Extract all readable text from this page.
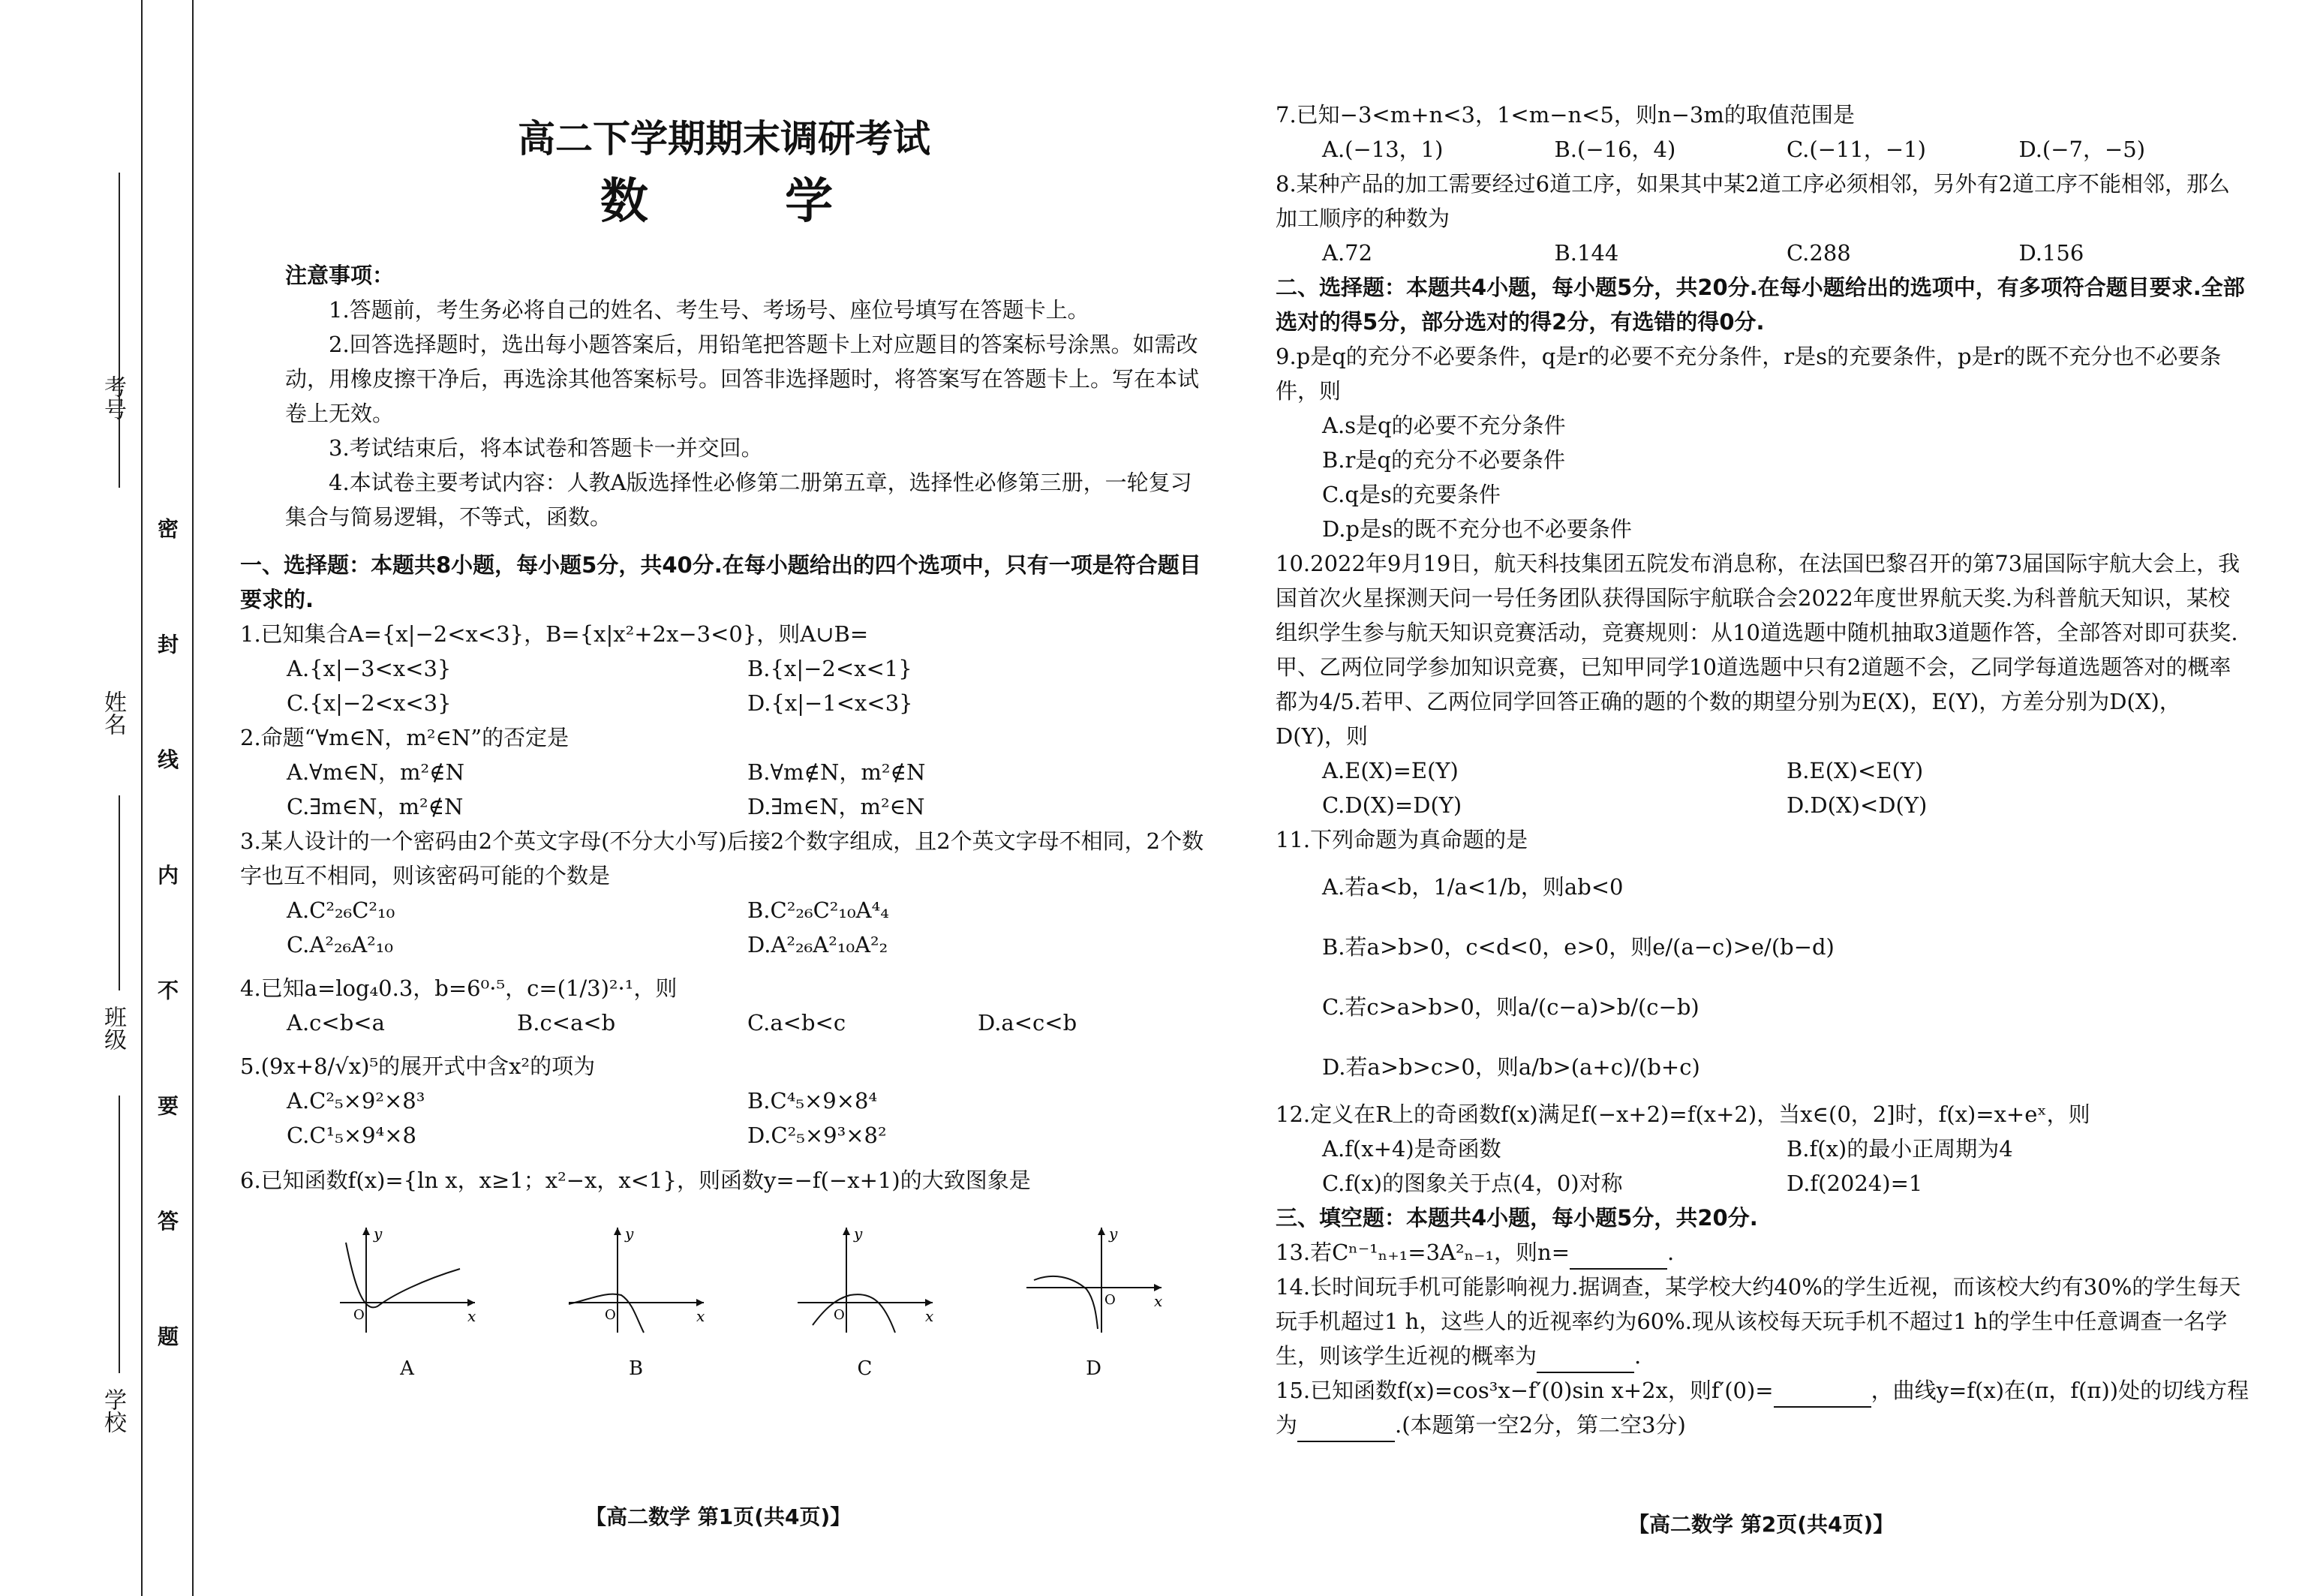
考号
姓名
班级
学校
密 封 线 内 不 要 答 题
高二下学期期末调研考试
数 学
注意事项：

1.答题前，考生务必将自己的姓名、考生号、考场号、座位号填写在答题卡上。

2.回答选择题时，选出每小题答案后，用铅笔把答题卡上对应题目的答案标号涂黑。如需改动，用橡皮擦干净后，再选涂其他答案标号。回答非选择题时，将答案写在答题卡上。写在本试卷上无效。

3.考试结束后，将本试卷和答题卡一并交回。

4.本试卷主要考试内容：人教A版选择性必修第二册第五章，选择性必修第三册，一轮复习集合与简易逻辑，不等式，函数。

一、选择题：本题共8小题，每小题5分，共40分.在每小题给出的四个选项中，只有一项是符合题目要求的.
1.已知集合A={x|−2<x<3}，B={x|x²+2x−3<0}，则A∪B=
A.{x|−3<x<3}	B.{x|−2<x<1}
C.{x|−2<x<3}	D.{x|−1<x<3}
2.命题“∀m∈N，m²∈N”的否定是
A.∀m∈N，m²∉N	B.∀m∉N，m²∉N
C.∃m∈N，m²∉N	D.∃m∈N，m²∈N
3.某人设计的一个密码由2个英文字母(不分大小写)后接2个数字组成，且2个英文字母不相同，2个数字也互不相同，则该密码可能的个数是
A.C²₂₆C²₁₀	B.C²₂₆C²₁₀A⁴₄
C.A²₂₆A²₁₀	D.A²₂₆A²₁₀A²₂
4.已知a=log₄0.3，b=6⁰·⁵，c=(1/3)²·¹，则
A.c<b<a	B.c<a<b	C.a<b<c	D.a<c<b
5.(9x+8/√x)⁵的展开式中含x²的项为
A.C²₅×9²×8³	B.C⁴₅×9×8⁴
C.C¹₅×9⁴×8	D.C²₅×9³×8²
6.已知函数f(x)={ln x，x≥1；x²−x，x<1}，则函数y=−f(−x+1)的大致图象是
y
x
O
A
y
x
O
B
y
x
O
C
y
x
O
D
【高二数学 第1页(共4页)】
7.已知−3<m+n<3，1<m−n<5，则n−3m的取值范围是
A.(−13，1)	B.(−16，4)	C.(−11，−1)	D.(−7，−5)
8.某种产品的加工需要经过6道工序，如果其中某2道工序必须相邻，另外有2道工序不能相邻，那么加工顺序的种数为
A.72	B.144	C.288	D.156
二、选择题：本题共4小题，每小题5分，共20分.在每小题给出的选项中，有多项符合题目要求.全部选对的得5分，部分选对的得2分，有选错的得0分.
9.p是q的充分不必要条件，q是r的必要不充分条件，r是s的充要条件，p是r的既不充分也不必要条件，则
A.s是q的必要不充分条件
B.r是q的充分不必要条件
C.q是s的充要条件
D.p是s的既不充分也不必要条件
10.2022年9月19日，航天科技集团五院发布消息称，在法国巴黎召开的第73届国际宇航大会上，我国首次火星探测天问一号任务团队获得国际宇航联合会2022年度世界航天奖.为科普航天知识，某校组织学生参与航天知识竞赛活动，竞赛规则：从10道选题中随机抽取3道题作答，全部答对即可获奖.甲、乙两位同学参加知识竞赛，已知甲同学10道选题中只有2道题不会，乙同学每道选题答对的概率都为4/5.若甲、乙两位同学回答正确的题的个数的期望分别为E(X)，E(Y)，方差分别为D(X)，D(Y)，则
A.E(X)=E(Y)	B.E(X)<E(Y)
C.D(X)=D(Y)	D.D(X)<D(Y)
11.下列命题为真命题的是
A.若a<b，1/a<1/b，则ab<0
B.若a>b>0，c<d<0，e>0，则e/(a−c)>e/(b−d)
C.若c>a>b>0，则a/(c−a)>b/(c−b)
D.若a>b>c>0，则a/b>(a+c)/(b+c)
12.定义在R上的奇函数f(x)满足f(−x+2)=f(x+2)，当x∈(0，2]时，f(x)=x+eˣ，则
A.f(x+4)是奇函数	B.f(x)的最小正周期为4
C.f(x)的图象关于点(4，0)对称	D.f(2024)=1
三、填空题：本题共4小题，每小题5分，共20分.
13.若Cⁿ⁻¹ₙ₊₁=3A²ₙ₋₁，则n=	.
14.长时间玩手机可能影响视力.据调查，某学校大约40%的学生近视，而该校大约有30%的学生每天玩手机超过1 h，这些人的近视率约为60%.现从该校每天玩手机不超过1 h的学生中任意调查一名学生，则该学生近视的概率为	.
15.已知函数f(x)=cos³x−f′(0)sin x+2x，则f′(0)=	，曲线y=f(x)在(π，f(π))处的切线方程为	.(本题第一空2分，第二空3分)
【高二数学 第2页(共4页)】
